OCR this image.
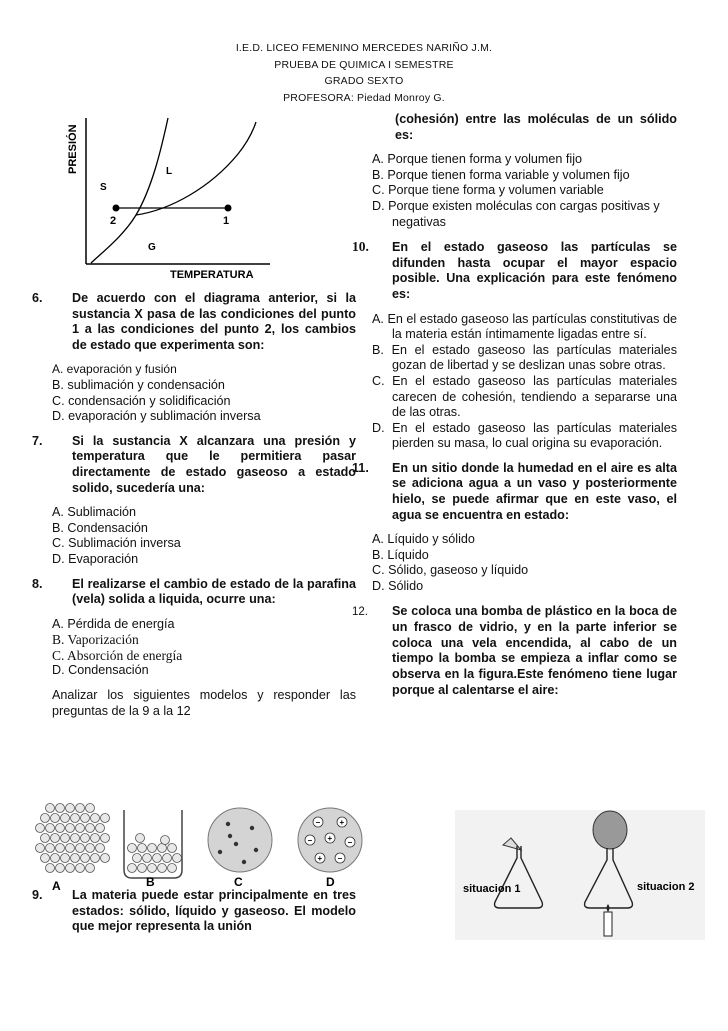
I.E.D. LICEO FEMENINO MERCEDES NARIÑO J.M.
PRUEBA DE QUIMICA I SEMESTRE
GRADO SEXTO
PROFESORA: Piedad Monroy G.
PRESIÓN
S
L
G
2	1
TEMPERATURA
6. De acuerdo con el diagrama anterior, si la sustancia X pasa de las condiciones del punto 1 a las condiciones del punto 2, los cambios de estado que experimenta son:
A. evaporación y fusión
B. sublimación y condensación
C. condensación y solidificación
D. evaporación y sublimación inversa
7. Si la sustancia X alcanzara una presión y temperatura que le permitiera pasar directamente de estado gaseoso a estado solido, sucedería una:
A. Sublimación
B. Condensación
C. Sublimación inversa
D. Evaporación
8. El realizarse el cambio de estado de la parafina (vela) solida a liquida, ocurre una:
A. Pérdida de energía
B. Vaporización
C. Absorción de energía
D. Condensación
Analizar los siguientes modelos y responder las preguntas de la 9 a la 12
− +
− + −
+ −
A	B	C	D
9. La materia puede estar principalmente en tres estados: sólido, líquido y gaseoso. El modelo que mejor representa la unión
(cohesión) entre las moléculas de un sólido es:
A. Porque tienen forma y volumen fijo
B. Porque tienen forma variable y volumen fijo
C. Porque tiene forma y volumen variable
D. Porque existen moléculas con cargas positivas y negativas
10. En el estado gaseoso las partículas se difunden hasta ocupar el mayor espacio posible. Una explicación para este fenómeno es:
A. En el estado gaseoso las partículas constitutivas de la materia están íntimamente ligadas entre sí.
B. En el estado gaseoso las partículas materiales gozan de libertad y se deslizan unas sobre otras.
C. En el estado gaseoso las partículas materiales carecen de cohesión, tendiendo a separarse una de las otras.
D. En el estado gaseoso las partículas materiales pierden su masa, lo cual origina su evaporación.
11. En un sitio donde la humedad en el aire es alta se adiciona agua a un vaso y posteriormente hielo, se puede afirmar que en este vaso, el agua se encuentra en estado:
A. Líquido y sólido
B. Líquido
C. Sólido, gaseoso y líquido
D. Sólido
12. Se coloca una bomba de plástico en la boca de un frasco de vidrio, y en la parte inferior se coloca una vela encendida, al cabo de un tiempo la bomba se empieza a inflar como se observa en la figura.Este fenómeno tiene lugar porque al calentarse el aire:
situacion 1	situacion 2
